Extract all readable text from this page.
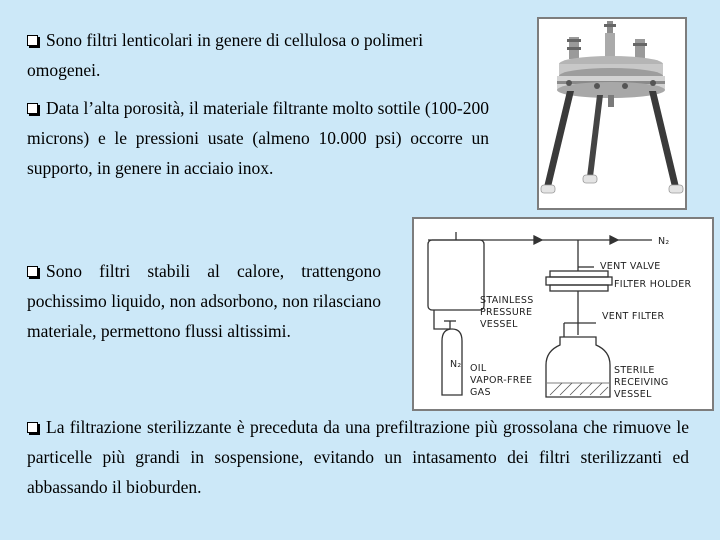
Sono filtri lenticolari in genere di cellulosa o polimeri omogenei.

Data l’alta porosità, il materiale filtrante molto sottile (100-200 microns) e le pressioni usate (almeno 10.000 psi) occorre un supporto, in genere in acciaio inox.

Sono filtri stabili al calore, trattengono pochissimo liquido, non adsorbono, non rilasciano materiale, permettono flussi altissimi.

La filtrazione sterilizzante è preceduta da una prefiltrazione più grossolana che rimuove le particelle più grandi in sospensione, evitando un intasamento dei filtri sterilizzanti ed abbassando il bioburden.

N₂
VENT VALVE
FILTER HOLDER
STAINLESS
PRESSURE
VESSEL
VENT FILTER
N₂ OIL
VAPOR-FREE
GAS
STERILE
RECEIVING
VESSEL
